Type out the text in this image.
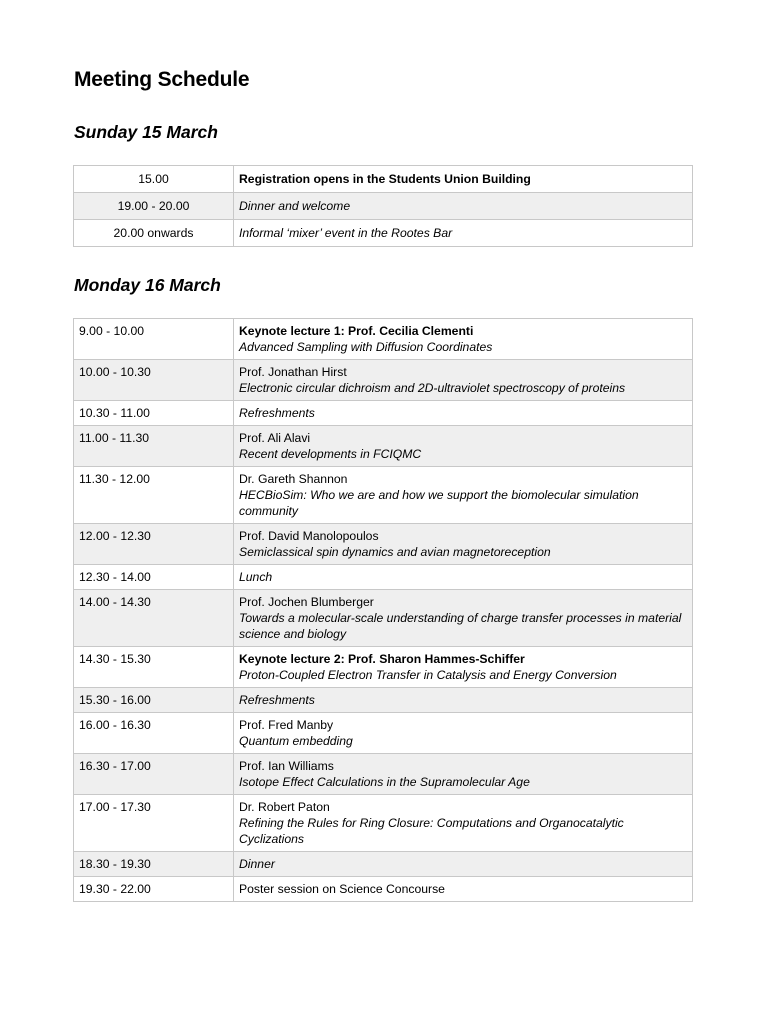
Meeting Schedule
Sunday 15 March
15.00	Registration opens in the Students Union Building

19.00 - 20.00	Dinner and welcome

20.00 onwards	Informal ‘mixer’ event in the Rootes Bar
Monday 16 March
9.00 - 10.00	Keynote lecture 1: Prof. Cecilia Clementi
Advanced Sampling with Diffusion Coordinates

10.00 - 10.30	Prof. Jonathan Hirst
Electronic circular dichroism and 2D-ultraviolet spectroscopy of proteins

10.30 - 11.00	Refreshments

11.00 - 11.30	Prof. Ali Alavi
Recent developments in FCIQMC

11.30 - 12.00	Dr. Gareth Shannon
HECBioSim: Who we are and how we support the biomolecular simulation community

12.00 - 12.30	Prof. David Manolopoulos
Semiclassical spin dynamics and avian magnetoreception

12.30 - 14.00	Lunch

14.00 - 14.30	Prof. Jochen Blumberger
Towards a molecular-scale understanding of charge transfer processes in material science and biology

14.30 - 15.30	Keynote lecture 2: Prof. Sharon Hammes-Schiffer
Proton-Coupled Electron Transfer in Catalysis and Energy Conversion

15.30 - 16.00	Refreshments

16.00 - 16.30	Prof. Fred Manby
Quantum embedding

16.30 - 17.00	Prof. Ian Williams
Isotope Effect Calculations in the Supramolecular Age

17.00 - 17.30	Dr. Robert Paton
Refining the Rules for Ring Closure: Computations and Organocatalytic Cyclizations

18.30 - 19.30	Dinner

19.30 - 22.00	Poster session on Science Concourse
